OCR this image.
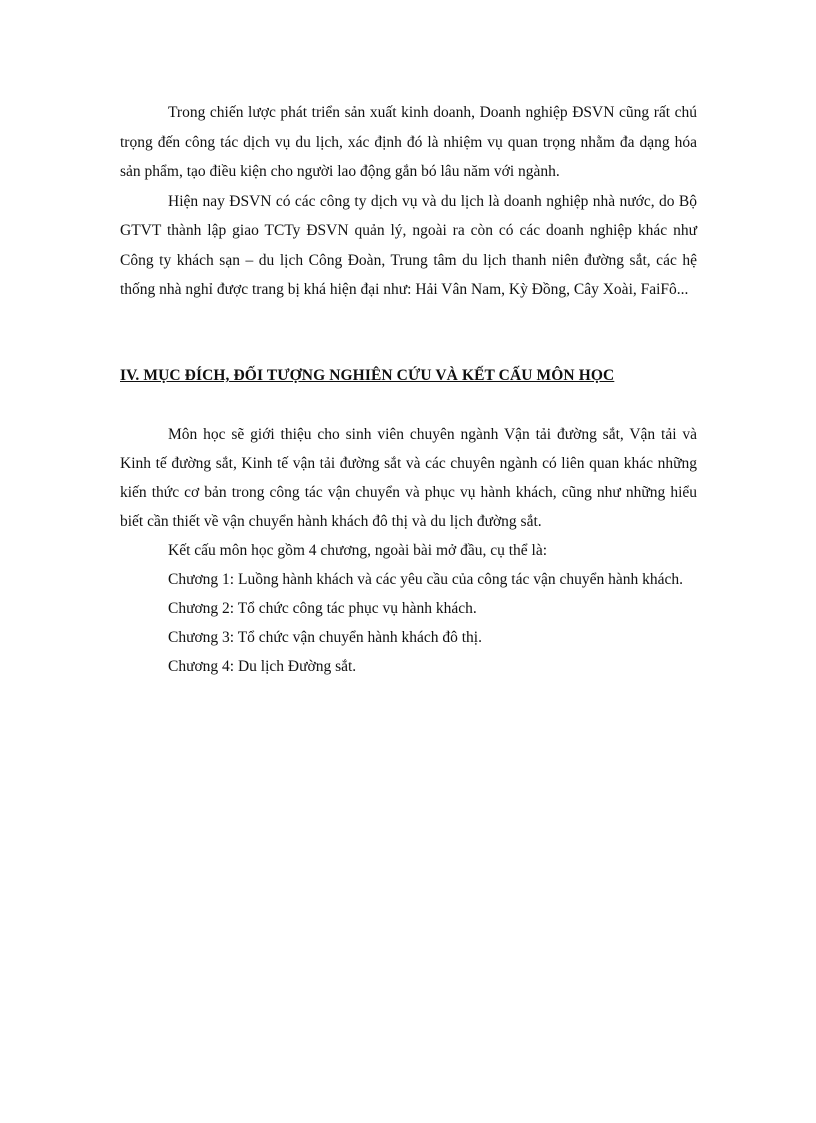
Trong chiến lược phát triển sản xuất kinh doanh, Doanh nghiệp ĐSVN cũng rất chú trọng đến công tác dịch vụ du lịch, xác định đó là nhiệm vụ quan trọng nhằm đa dạng hóa sản phẩm, tạo điều kiện cho người lao động gắn bó lâu năm với ngành.

Hiện nay ĐSVN có các công ty dịch vụ và du lịch là doanh nghiệp nhà nước, do Bộ GTVT thành lập giao TCTy ĐSVN quản lý, ngoài ra còn có các doanh nghiệp khác như Công ty khách sạn – du lịch Công Đoàn, Trung tâm du lịch thanh niên đường sắt, các hệ thống nhà nghỉ được trang bị khá hiện đại như: Hải Vân Nam, Kỳ Đồng, Cây Xoài, FaiFô...

IV. MỤC ĐÍCH, ĐỐI TƯỢNG NGHIÊN CỨU VÀ KẾT CẤU MÔN HỌC

Môn học sẽ giới thiệu cho sinh viên chuyên ngành Vận tải đường sắt, Vận tải và Kinh tế đường sắt, Kinh tế vận tải đường sắt và các chuyên ngành có liên quan khác những kiến thức cơ bản trong công tác vận chuyển và phục vụ hành khách, cũng như những hiểu biết cần thiết về vận chuyển hành khách đô thị và du lịch đường sắt.

Kết cấu môn học gồm 4 chương, ngoài bài mở đầu, cụ thể là:

Chương 1: Luồng hành khách và các yêu cầu của công tác vận chuyển hành khách.

Chương 2: Tổ chức công tác phục vụ hành khách.

Chương 3: Tổ chức vận chuyển hành khách đô thị.

Chương 4: Du lịch Đường sắt.
